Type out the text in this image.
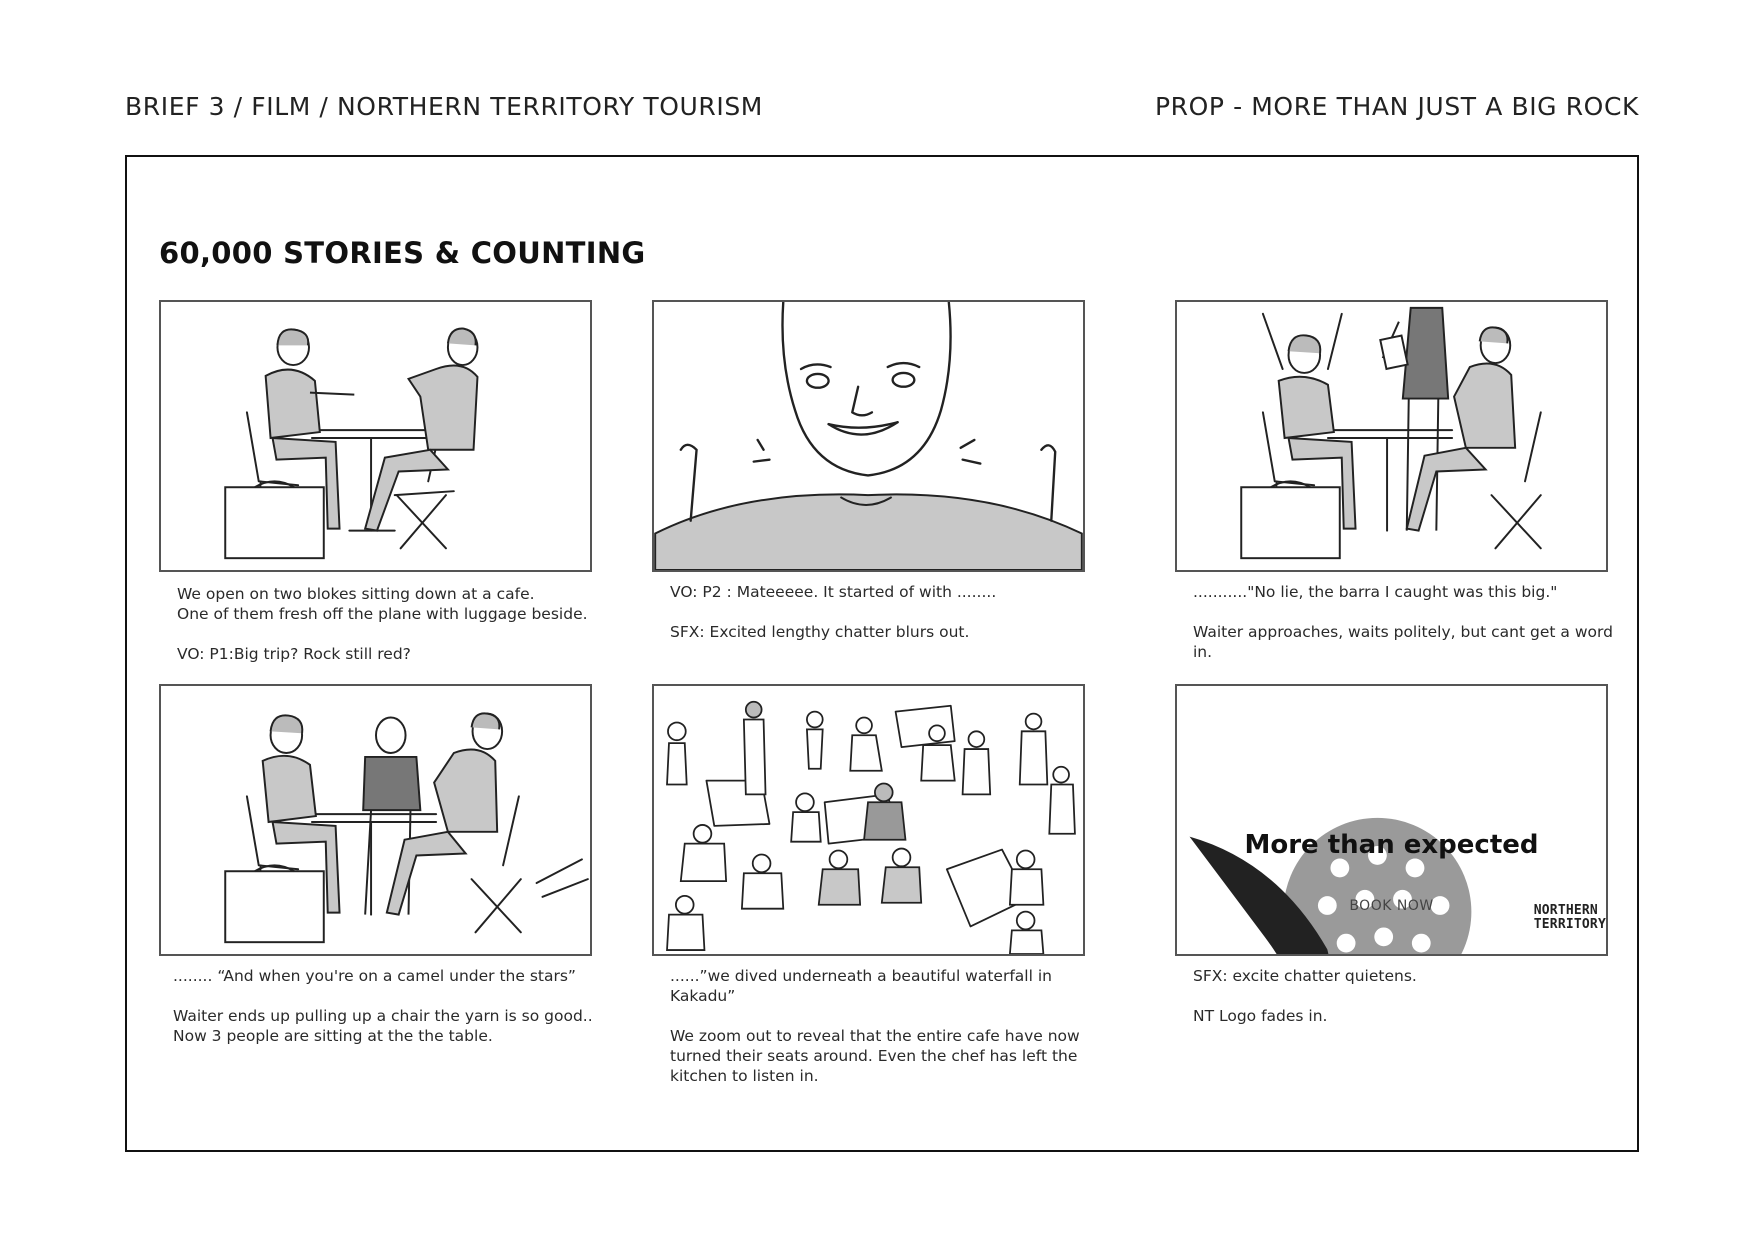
BRIEF 3 / FILM / NORTHERN TERRITORY TOURISM	PROP - MORE THAN JUST A BIG ROCK
60,000 STORIES & COUNTING
NORTHERN
TERRITORY
More than expected
BOOK NOW

We open on two blokes sitting down at a cafe.
One of them fresh off the plane with luggage beside.

VO: P1:Big trip? Rock still red?

VO: P2 : Mateeeee. It started of with ........

SFX: Excited lengthy chatter blurs out.

..........."No lie, the barra I caught was this big."

Waiter approaches, waits politely, but cant get a word in.

........ “And when you're on a camel under the stars”

Waiter ends up pulling up a chair the yarn is so good..
Now 3 people are sitting at the the table.

......”we dived underneath a beautiful waterfall in Kakadu”

We zoom out to reveal that the entire cafe have now
turned their seats around. Even the chef has left the
kitchen to listen in.

SFX: excite chatter quietens.

NT Logo fades in.
